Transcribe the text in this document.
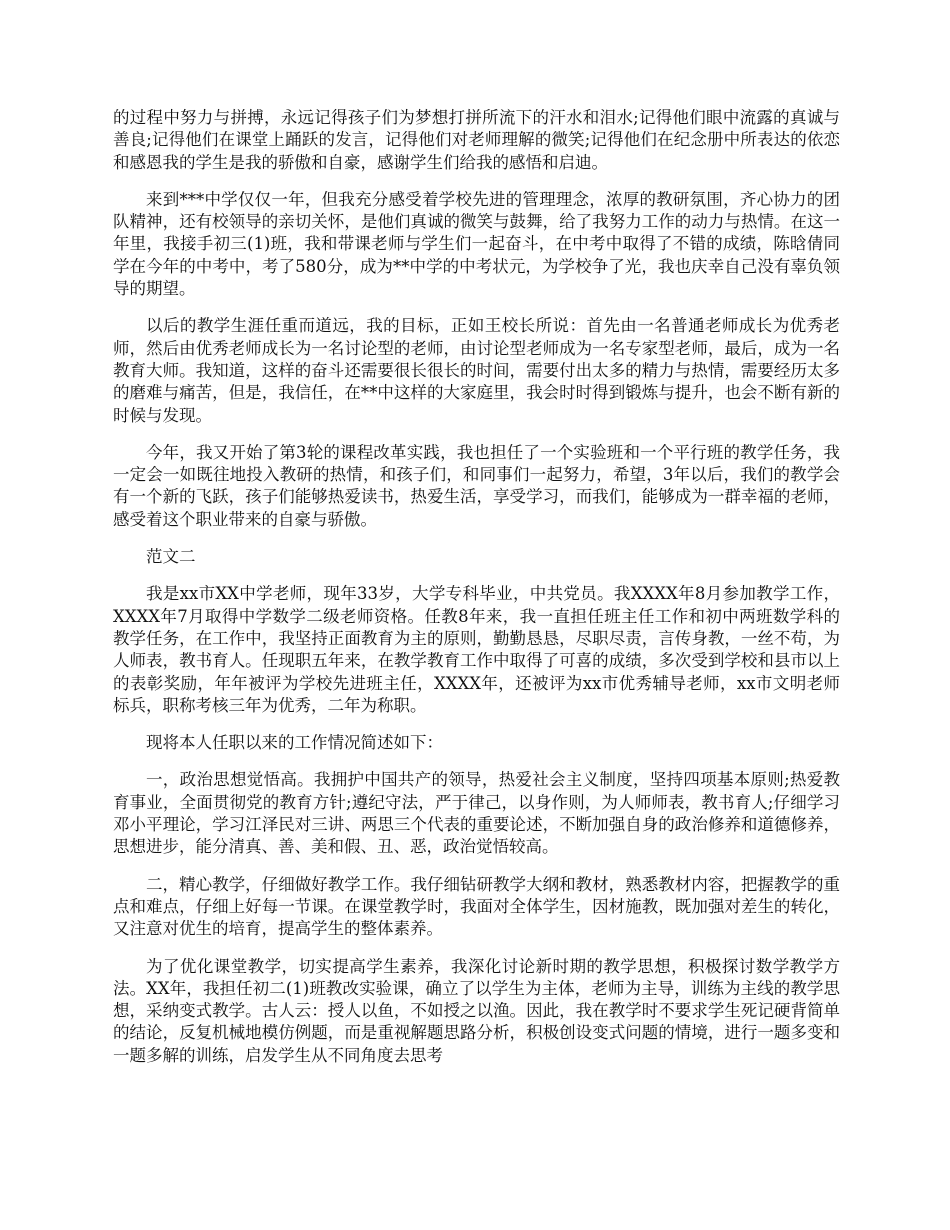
的过程中努力与拼搏，永远记得孩子们为梦想打拼所流下的汗水和泪水;记得他们眼中流露的真诚与善良;记得他们在课堂上踊跃的发言，记得他们对老师理解的微笑;记得他们在纪念册中所表达的依恋和感恩我的学生是我的骄傲和自豪，感谢学生们给我的感悟和启迪。

来到***中学仅仅一年，但我充分感受着学校先进的管理理念，浓厚的教研氛围，齐心协力的团队精神，还有校领导的亲切关怀，是他们真诚的微笑与鼓舞，给了我努力工作的动力与热情。在这一年里，我接手初三(1)班，我和带课老师与学生们一起奋斗，在中考中取得了不错的成绩，陈晗倩同学在今年的中考中，考了580分，成为**中学的中考状元，为学校争了光，我也庆幸自己没有辜负领导的期望。

以后的教学生涯任重而道远，我的目标，正如王校长所说：首先由一名普通老师成长为优秀老师，然后由优秀老师成长为一名讨论型的老师，由讨论型老师成为一名专家型老师，最后，成为一名教育大师。我知道，这样的奋斗还需要很长很长的时间，需要付出太多的精力与热情，需要经历太多的磨难与痛苦，但是，我信任，在**中这样的大家庭里，我会时时得到锻炼与提升，也会不断有新的时候与发现。

今年，我又开始了第3轮的课程改革实践，我也担任了一个实验班和一个平行班的教学任务，我一定会一如既往地投入教研的热情，和孩子们，和同事们一起努力，希望，3年以后，我们的教学会有一个新的飞跃，孩子们能够热爱读书，热爱生活，享受学习，而我们，能够成为一群幸福的老师，感受着这个职业带来的自豪与骄傲。

范文二

我是xx市XX中学老师，现年33岁，大学专科毕业，中共党员。我XXXX年8月参加教学工作，XXXX年7月取得中学数学二级老师资格。任教8年来，我一直担任班主任工作和初中两班数学科的教学任务，在工作中，我坚持正面教育为主的原则，勤勤恳恳，尽职尽责，言传身教，一丝不苟，为人师表，教书育人。任现职五年来，在教学教育工作中取得了可喜的成绩，多次受到学校和县市以上的表彰奖励，年年被评为学校先进班主任，XXXX年，还被评为xx市优秀辅导老师，xx市文明老师标兵，职称考核三年为优秀，二年为称职。

现将本人任职以来的工作情况简述如下：

一，政治思想觉悟高。我拥护中国共产的领导，热爱社会主义制度，坚持四项基本原则;热爱教育事业，全面贯彻党的教育方针;遵纪守法，严于律己，以身作则，为人师师表，教书育人;仔细学习邓小平理论，学习江泽民对三讲、两思三个代表的重要论述，不断加强自身的政治修养和道德修养，思想进步，能分清真、善、美和假、丑、恶，政治觉悟较高。

二，精心教学，仔细做好教学工作。我仔细钻研教学大纲和教材，熟悉教材内容，把握教学的重点和难点，仔细上好每一节课。在课堂教学时，我面对全体学生，因材施教，既加强对差生的转化，又注意对优生的培育，提高学生的整体素养。

为了优化课堂教学，切实提高学生素养，我深化讨论新时期的教学思想，积极探讨数学教学方法。XX年，我担任初二(1)班教改实验课，确立了以学生为主体，老师为主导，训练为主线的教学思想，采纳变式教学。古人云：授人以鱼，不如授之以渔。因此，我在教学时不要求学生死记硬背简单的结论，反复机械地模仿例题，而是重视解题思路分析，积极创设变式问题的情境，进行一题多变和一题多解的训练，启发学生从不同角度去思考
